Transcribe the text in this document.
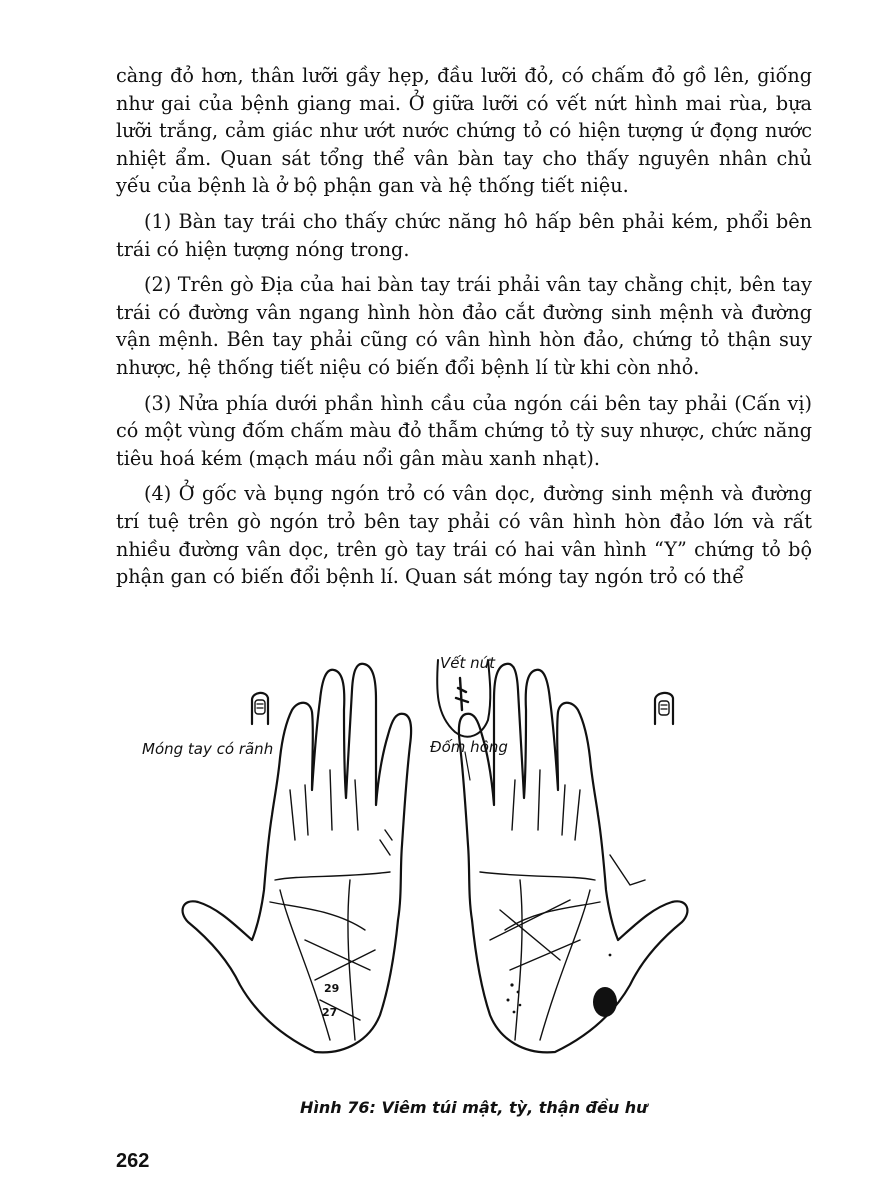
càng đỏ hơn, thân lưỡi gầy hẹp, đầu lưỡi đỏ, có chấm đỏ gồ lên, giống như gai của bệnh giang mai. Ở giữa lưỡi có vết nứt hình mai rùa, bựa lưỡi trắng, cảm giác như ướt nước chứng tỏ có hiện tượng ứ đọng nước nhiệt ẩm. Quan sát tổng thể vân bàn tay cho thấy nguyên nhân chủ yếu của bệnh là ở bộ phận gan và hệ thống tiết niệu.

(1) Bàn tay trái cho thấy chức năng hô hấp bên phải kém, phổi bên trái có hiện tượng nóng trong.

(2) Trên gò Địa của hai bàn tay trái phải vân tay chằng chịt, bên tay trái có đường vân ngang hình hòn đảo cắt đường sinh mệnh và đường vận mệnh. Bên tay phải cũng có vân hình hòn đảo, chứng tỏ thận suy nhược, hệ thống tiết niệu có biến đổi bệnh lí từ khi còn nhỏ.

(3) Nửa phía dưới phần hình cầu của ngón cái bên tay phải (Cấn vị) có một vùng đốm chấm màu đỏ thẫm chứng tỏ tỳ suy nhược, chức năng tiêu hoá kém (mạch máu nổi gân màu xanh nhạt).

(4) Ở gốc và bụng ngón trỏ có vân dọc, đường sinh mệnh và đường trí tuệ trên gò ngón trỏ bên tay phải có vân hình hòn đảo lớn và rất nhiều đường vân dọc, trên gò tay trái có hai vân hình “Y” chứng tỏ bộ phận gan có biến đổi bệnh lí. Quan sát móng tay ngón trỏ có thể

Vết nứt
Móng tay có rãnh	Đốm hồng
29
27
Hình 76: Viêm túi mật, tỳ, thận đều hư
262
